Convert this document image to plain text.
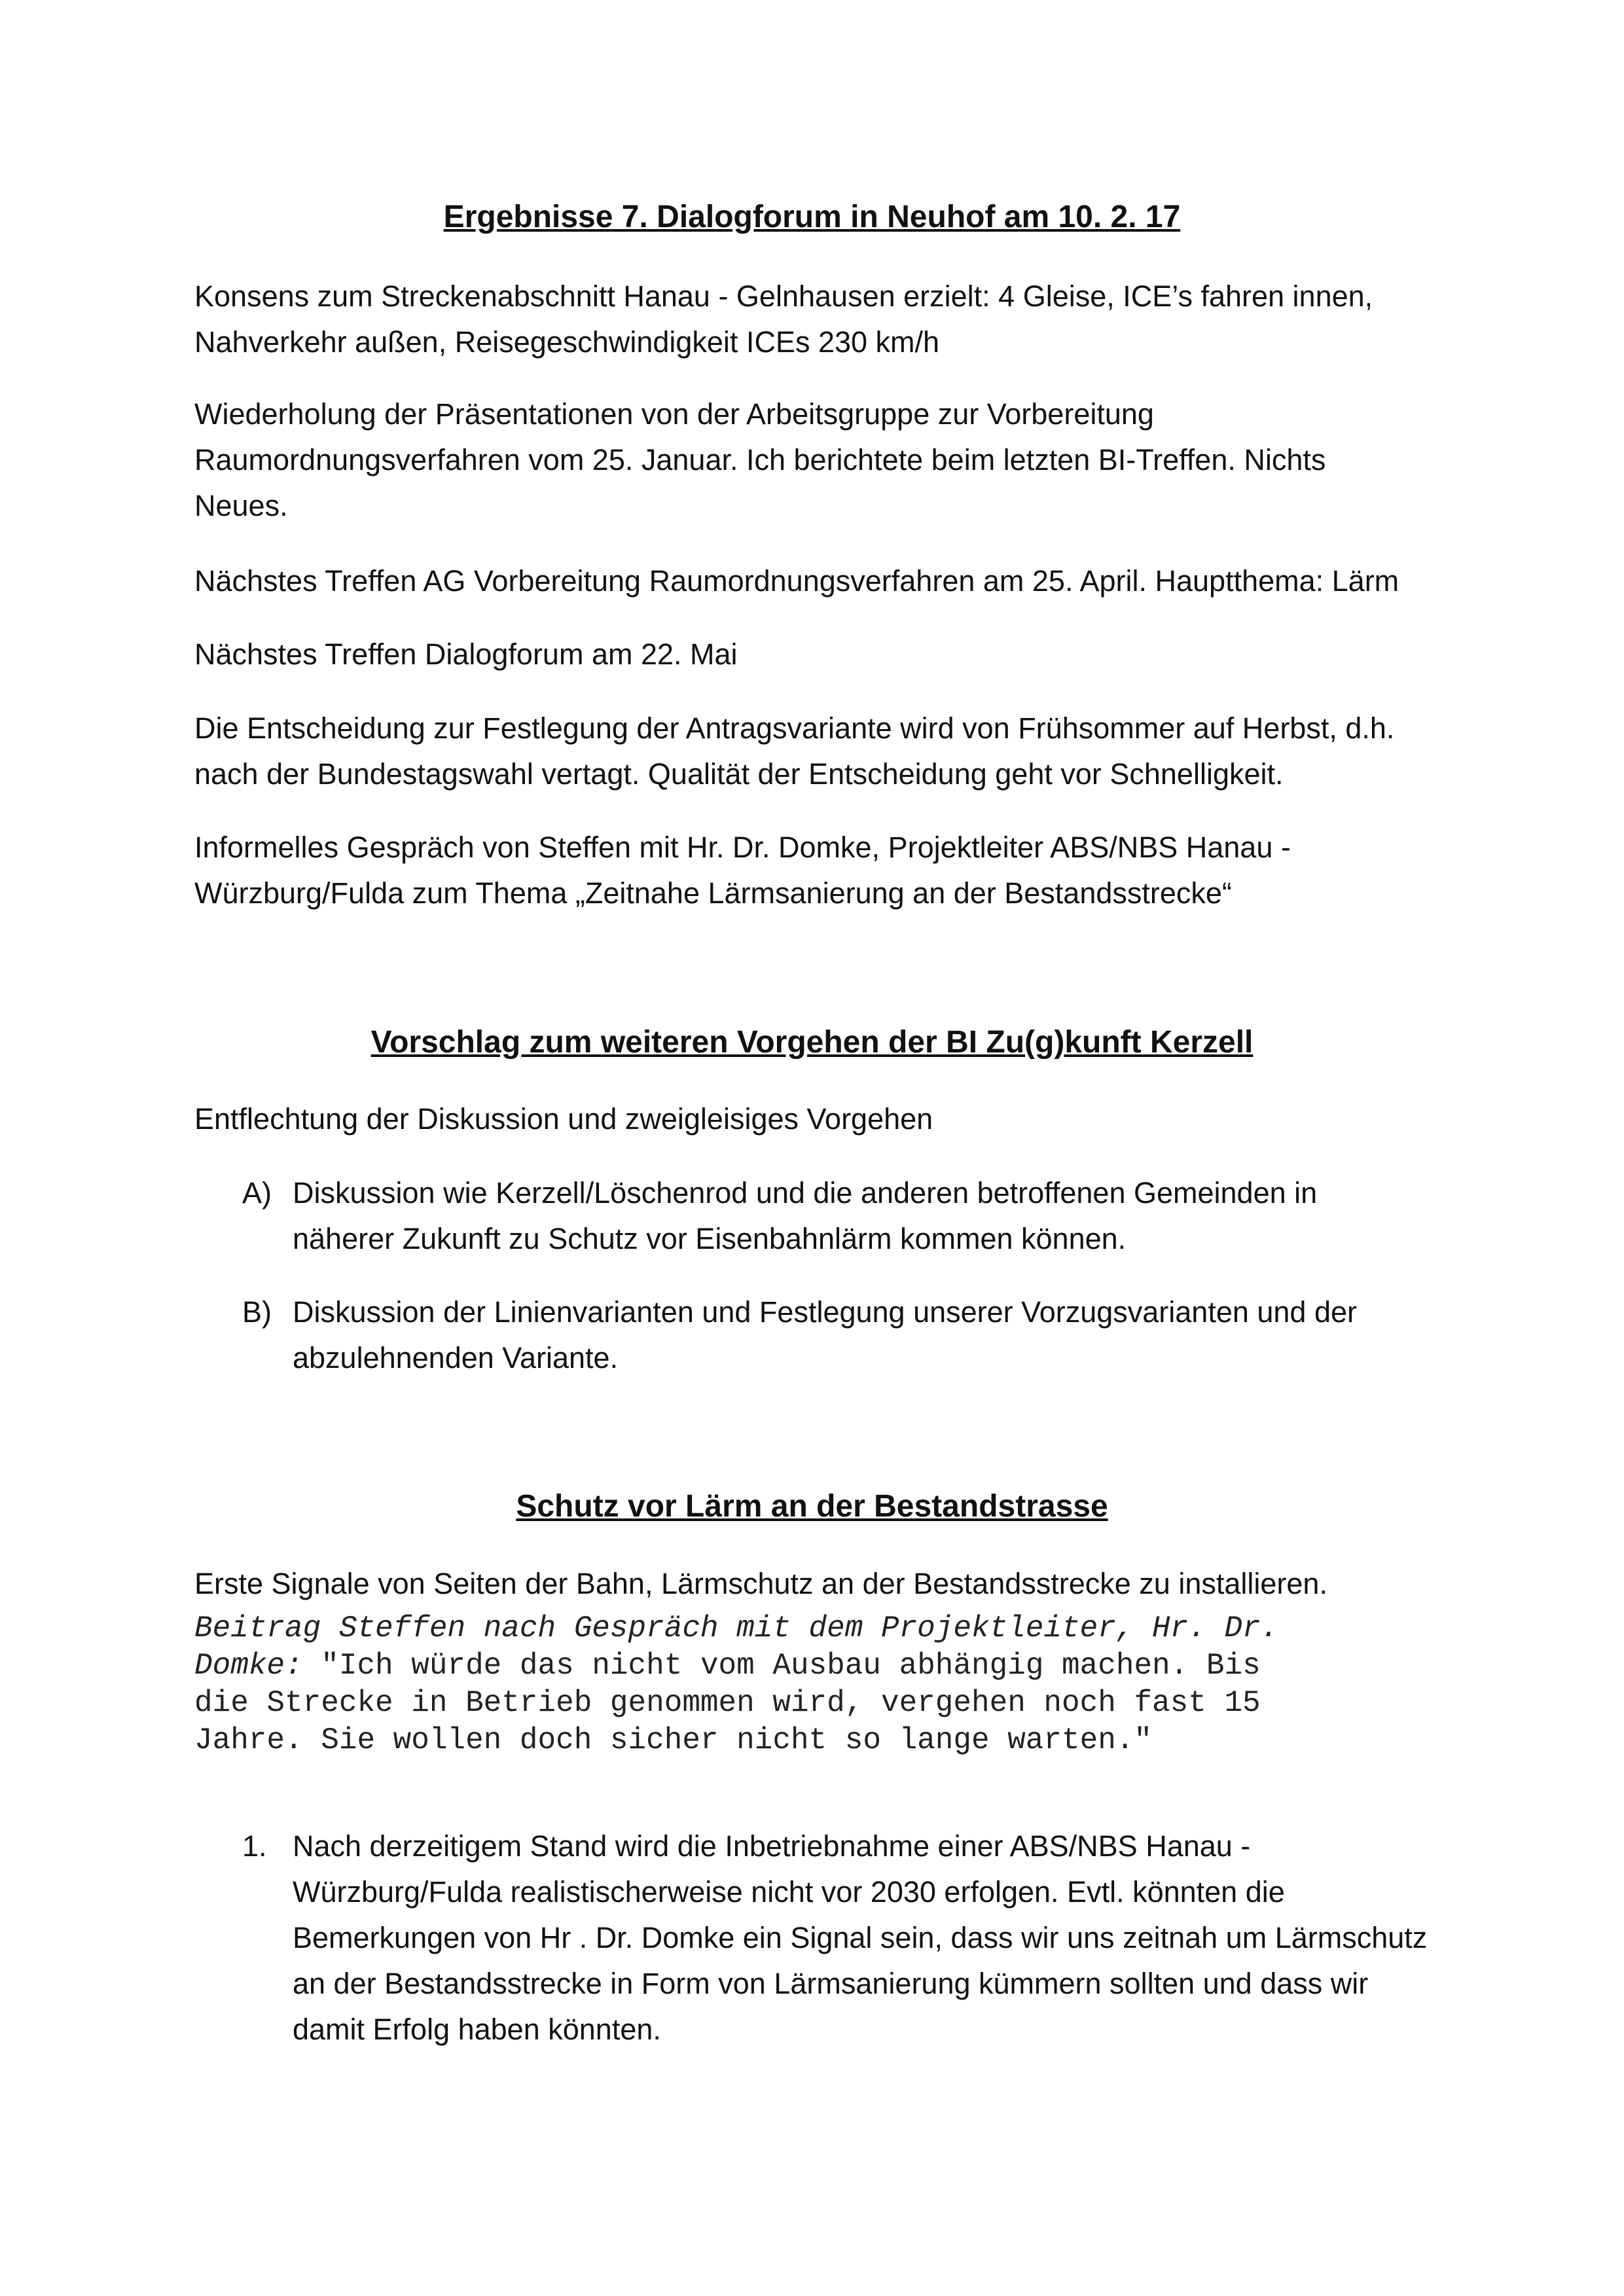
Ergebnisse 7. Dialogforum in Neuhof am 10. 2. 17

Konsens zum Streckenabschnitt Hanau - Gelnhausen erzielt: 4 Gleise, ICE’s fahren innen,
Nahverkehr außen, Reisegeschwindigkeit ICEs 230 km/h

Wiederholung der Präsentationen von der Arbeitsgruppe zur Vorbereitung
Raumordnungsverfahren vom 25. Januar. Ich berichtete beim letzten BI-Treffen. Nichts
Neues.

Nächstes Treffen AG Vorbereitung Raumordnungsverfahren am 25. April. Hauptthema: Lärm

Nächstes Treffen Dialogforum am 22. Mai

Die Entscheidung zur Festlegung der Antragsvariante wird von Frühsommer auf Herbst, d.h.
nach der Bundestagswahl vertagt. Qualität der Entscheidung geht vor Schnelligkeit.

Informelles Gespräch von Steffen mit Hr. Dr. Domke, Projektleiter ABS/NBS Hanau -
Würzburg/Fulda zum Thema „Zeitnahe Lärmsanierung an der Bestandsstrecke“

Vorschlag zum weiteren Vorgehen der BI Zu(g)kunft Kerzell

Entflechtung der Diskussion und zweigleisiges Vorgehen

A) Diskussion wie Kerzell/Löschenrod und die anderen betroffenen Gemeinden in
näherer Zukunft zu Schutz vor Eisenbahnlärm kommen können.
B) Diskussion der Linienvarianten und Festlegung unserer Vorzugsvarianten und der
abzulehnenden Variante.
Schutz vor Lärm an der Bestandstrasse

Erste Signale von Seiten der Bahn, Lärmschutz an der Bestandsstrecke zu installieren.

Beitrag Steffen nach Gespräch mit dem Projektleiter, Hr. Dr.
Domke: "Ich würde das nicht vom Ausbau abhängig machen. Bis
die Strecke in Betrieb genommen wird, vergehen noch fast 15
Jahre. Sie wollen doch sicher nicht so lange warten."
1. Nach derzeitigem Stand wird die Inbetriebnahme einer ABS/NBS Hanau -
Würzburg/Fulda realistischerweise nicht vor 2030 erfolgen. Evtl. könnten die
Bemerkungen von Hr . Dr. Domke ein Signal sein, dass wir uns zeitnah um Lärmschutz
an der Bestandsstrecke in Form von Lärmsanierung kümmern sollten und dass wir
damit Erfolg haben könnten.
